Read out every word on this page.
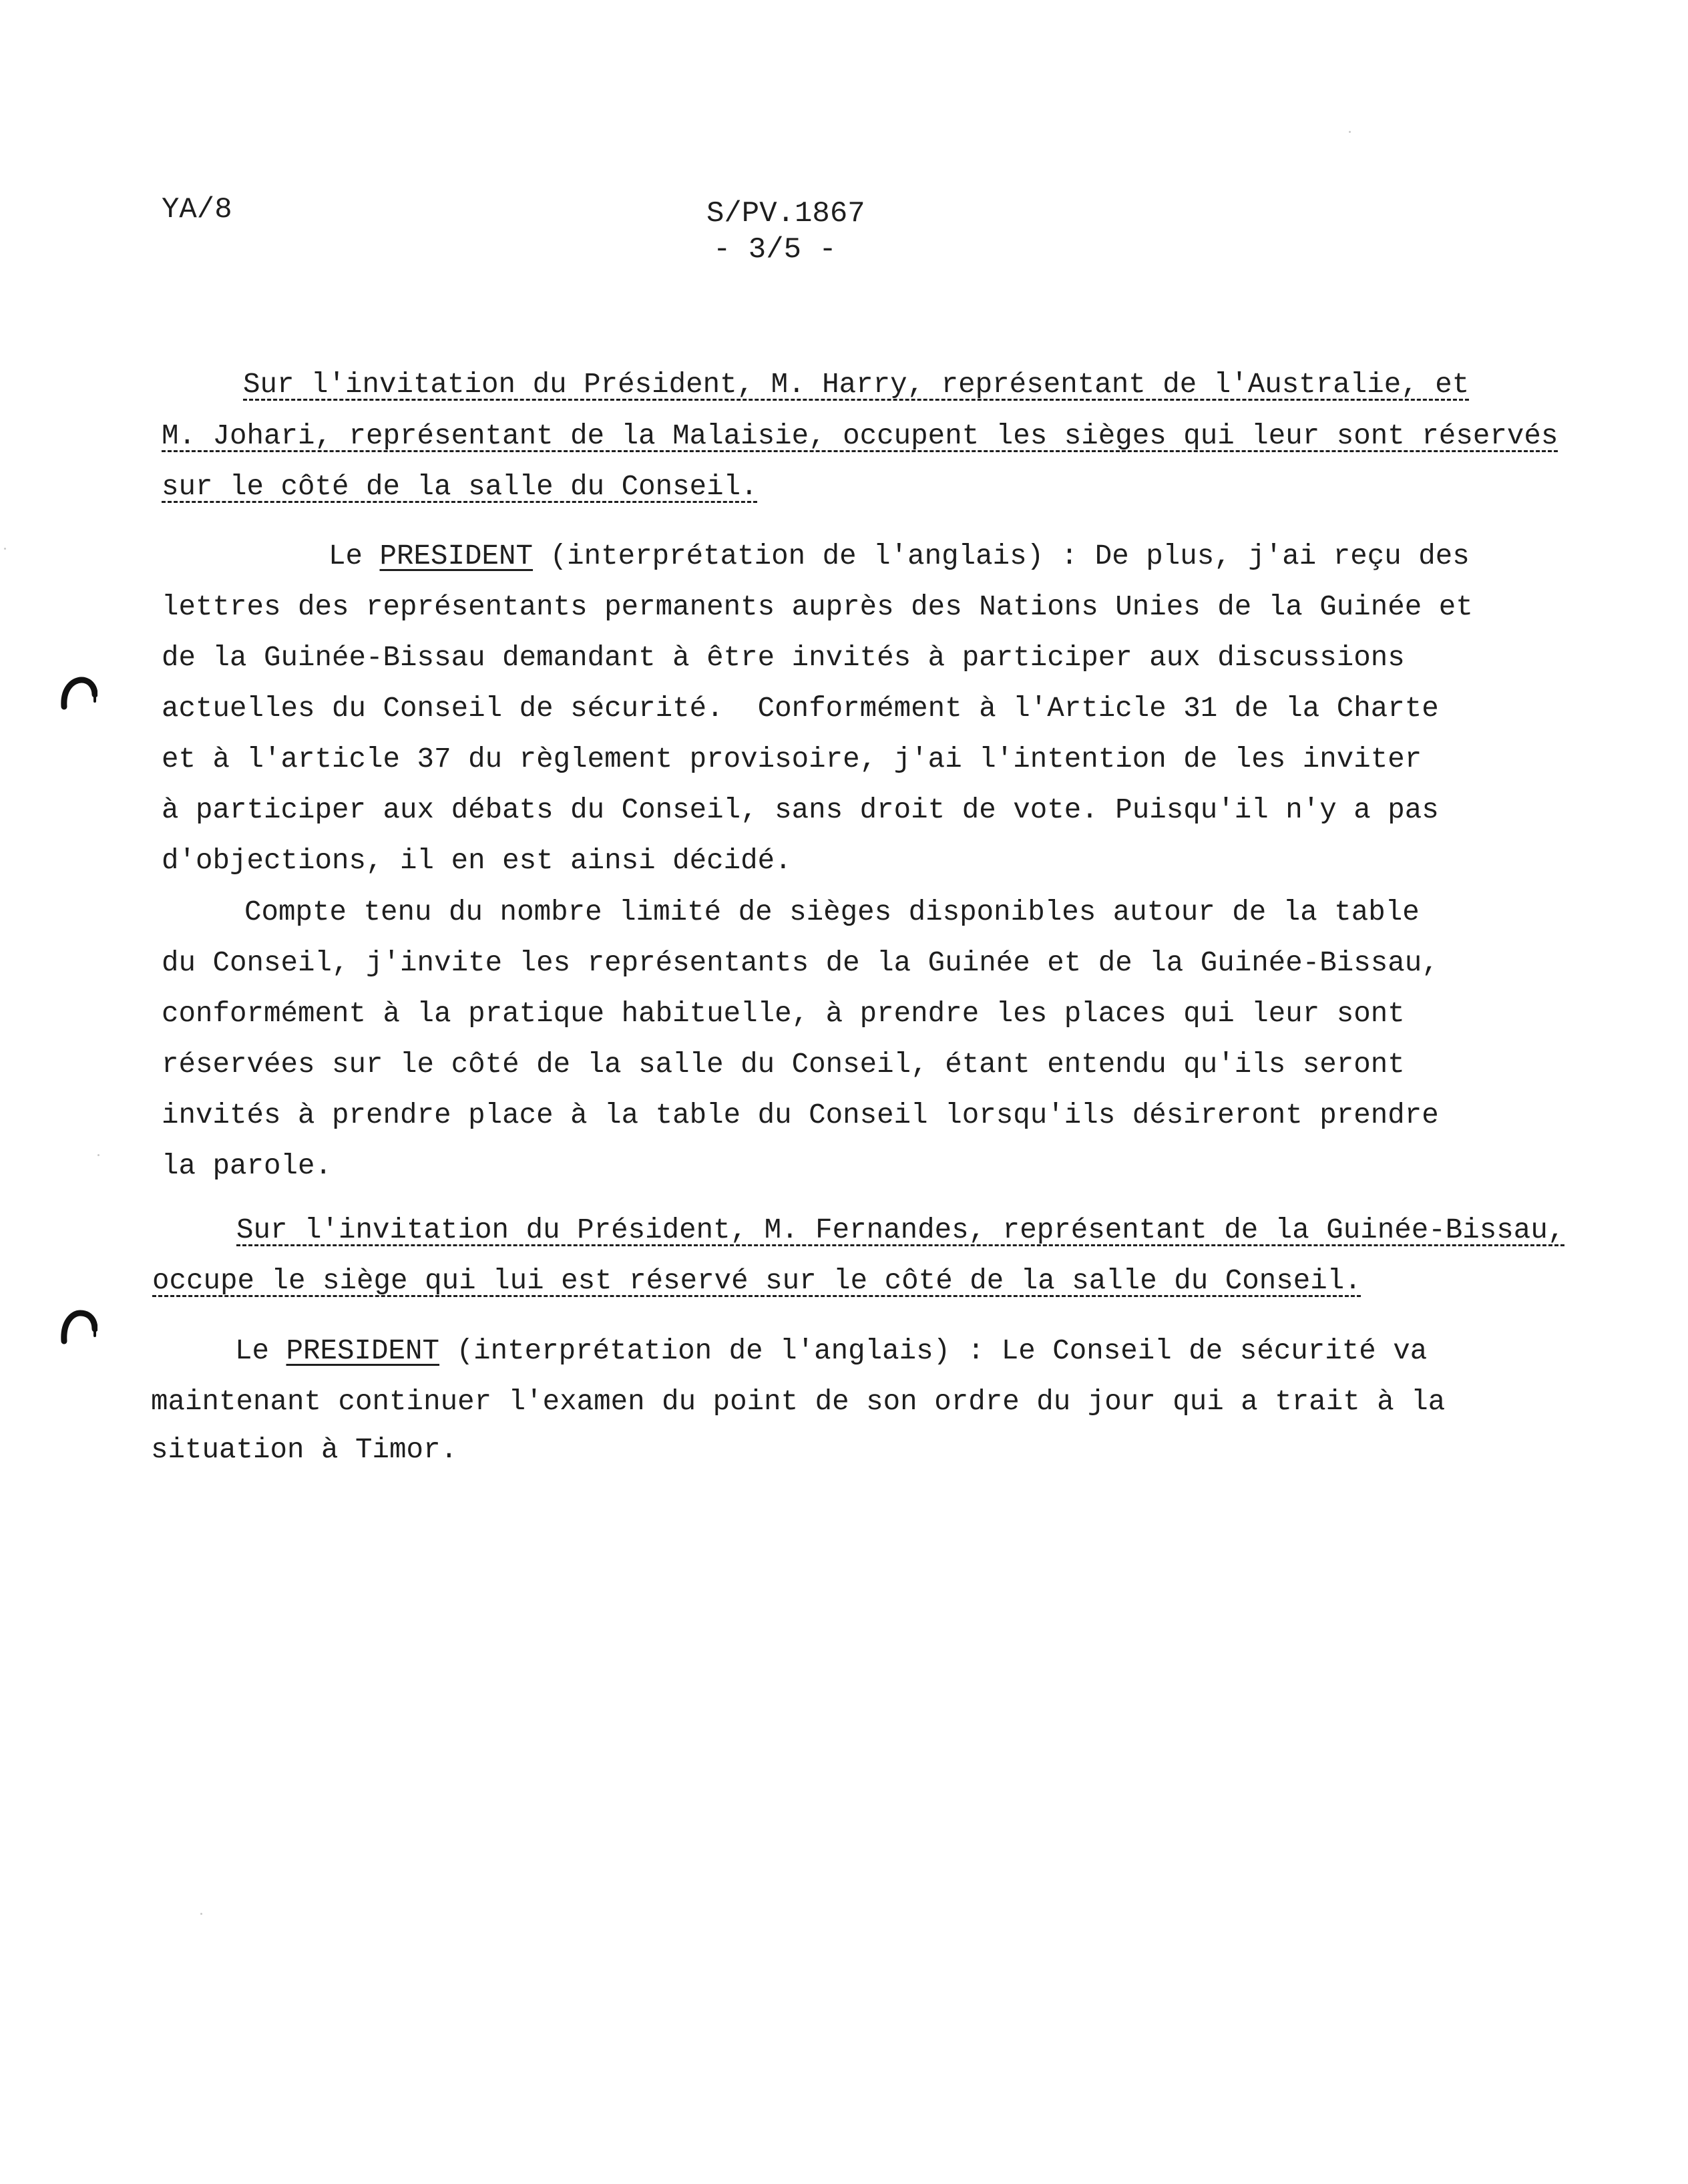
YA/8	S/PV.1867
- 3/5 -
Sur l'invitation du Président, M. Harry, représentant de l'Australie, et
M. Johari, représentant de la Malaisie, occupent les sièges qui leur sont réservés
sur le côté de la salle du Conseil.
Le PRESIDENT (interprétation de l'anglais) : De plus, j'ai reçu des
lettres des représentants permanents auprès des Nations Unies de la Guinée et
de la Guinée-Bissau demandant à être invités à participer aux discussions
actuelles du Conseil de sécurité.  Conformément à l'Article 31 de la Charte
et à l'article 37 du règlement provisoire, j'ai l'intention de les inviter
à participer aux débats du Conseil, sans droit de vote. Puisqu'il n'y a pas
d'objections, il en est ainsi décidé.
Compte tenu du nombre limité de sièges disponibles autour de la table
du Conseil, j'invite les représentants de la Guinée et de la Guinée-Bissau,
conformément à la pratique habituelle, à prendre les places qui leur sont
réservées sur le côté de la salle du Conseil, étant entendu qu'ils seront
invités à prendre place à la table du Conseil lorsqu'ils désireront prendre
la parole.
Sur l'invitation du Président, M. Fernandes, représentant de la Guinée-Bissau,
occupe le siège qui lui est réservé sur le côté de la salle du Conseil.
Le PRESIDENT (interprétation de l'anglais) : Le Conseil de sécurité va
maintenant continuer l'examen du point de son ordre du jour qui a trait à la
situation à Timor.
